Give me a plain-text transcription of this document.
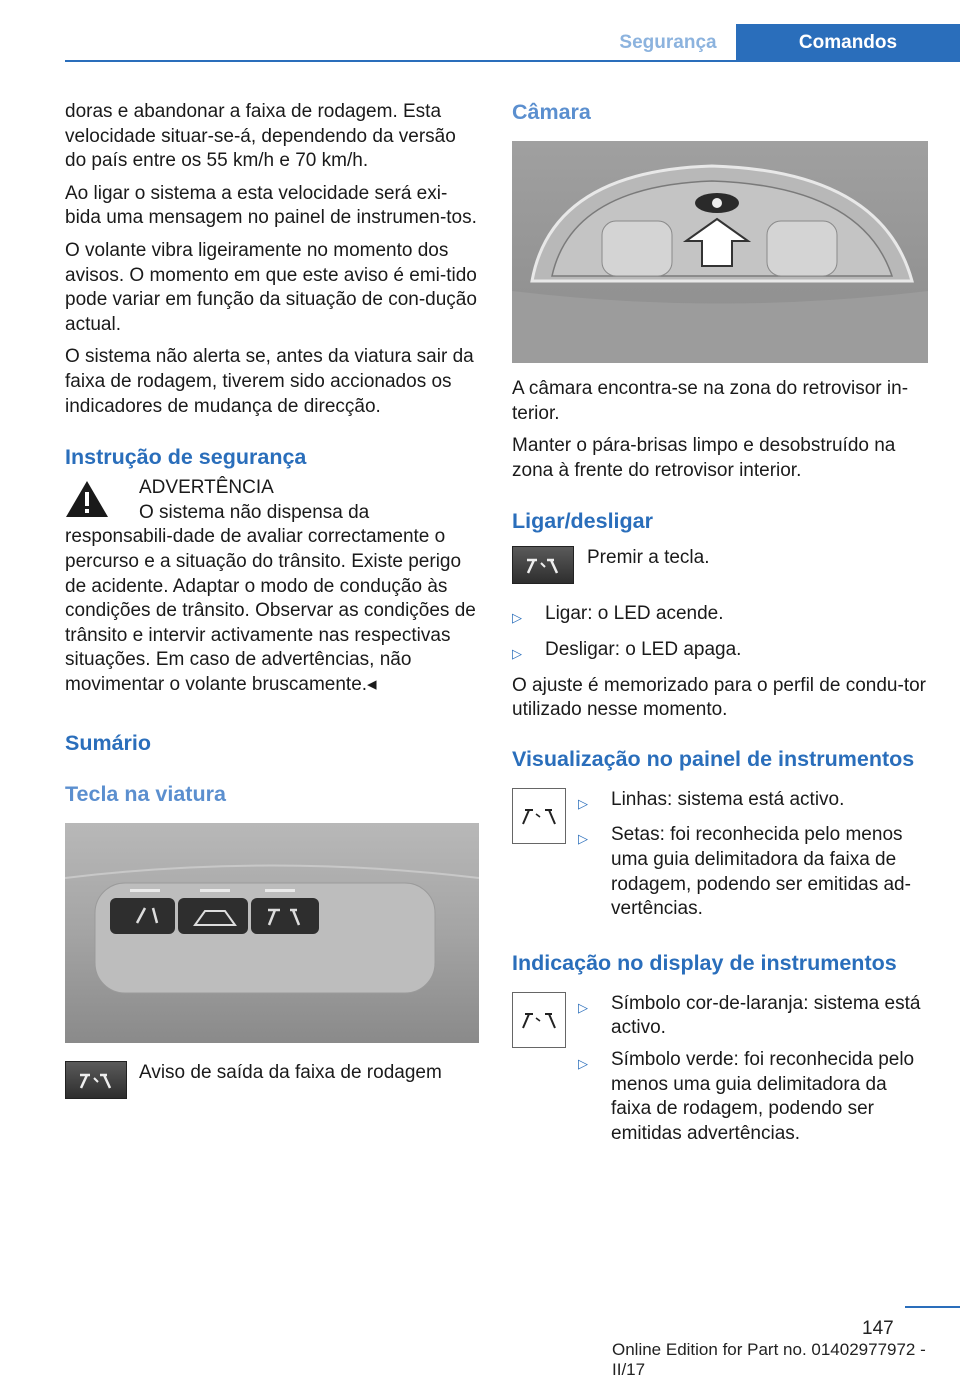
Segurança	Comandos

doras e abandonar a faixa de rodagem. Esta velocidade situar-se-á, dependendo da versão do país entre os 55 km/h e 70 km/h.

Ao ligar o sistema a esta velocidade será exi-bida uma mensagem no painel de instrumen-tos.

O volante vibra ligeiramente no momento dos avisos. O momento em que este aviso é emi-tido pode variar em função da situação de con-dução actual.

O sistema não alerta se, antes da viatura sair da faixa de rodagem, tiverem sido accionados os indicadores de mudança de direcção.

Instrução de segurança
ADVERTÊNCIA

O sistema não dispensa da responsabili-dade de avaliar correctamente o percurso e a situação do trânsito. Existe perigo de acidente. Adaptar o modo de condução às condições de trânsito. Observar as condições de trânsito e intervir activamente nas respectivas situações. Em caso de advertências, não movimentar o volante bruscamente.◂

Sumário
Tecla na viatura

Aviso de saída da faixa de rodagem

Câmara

A câmara encontra-se na zona do retrovisor in-terior.

Manter o pára-brisas limpo e desobstruído na zona à frente do retrovisor interior.

Ligar/desligar

Premir a tecla.

▷	Ligar: o LED acende.
▷	Desligar: o LED apaga.

O ajuste é memorizado para o perfil de condu-tor utilizado nesse momento.

Visualização no painel de instrumentos
▷	Linhas: sistema está activo.
▷	Setas: foi reconhecida pelo menos uma guia delimitadora da faixa de rodagem, podendo ser emitidas ad-vertências.
Indicação no display de instrumentos
▷	Símbolo cor-de-laranja: sistema está activo.
▷	Símbolo verde: foi reconhecida pelo menos uma guia delimitadora da faixa de rodagem, podendo ser emitidas advertências.
147
Online Edition for Part no. 01402977972 - II/17
